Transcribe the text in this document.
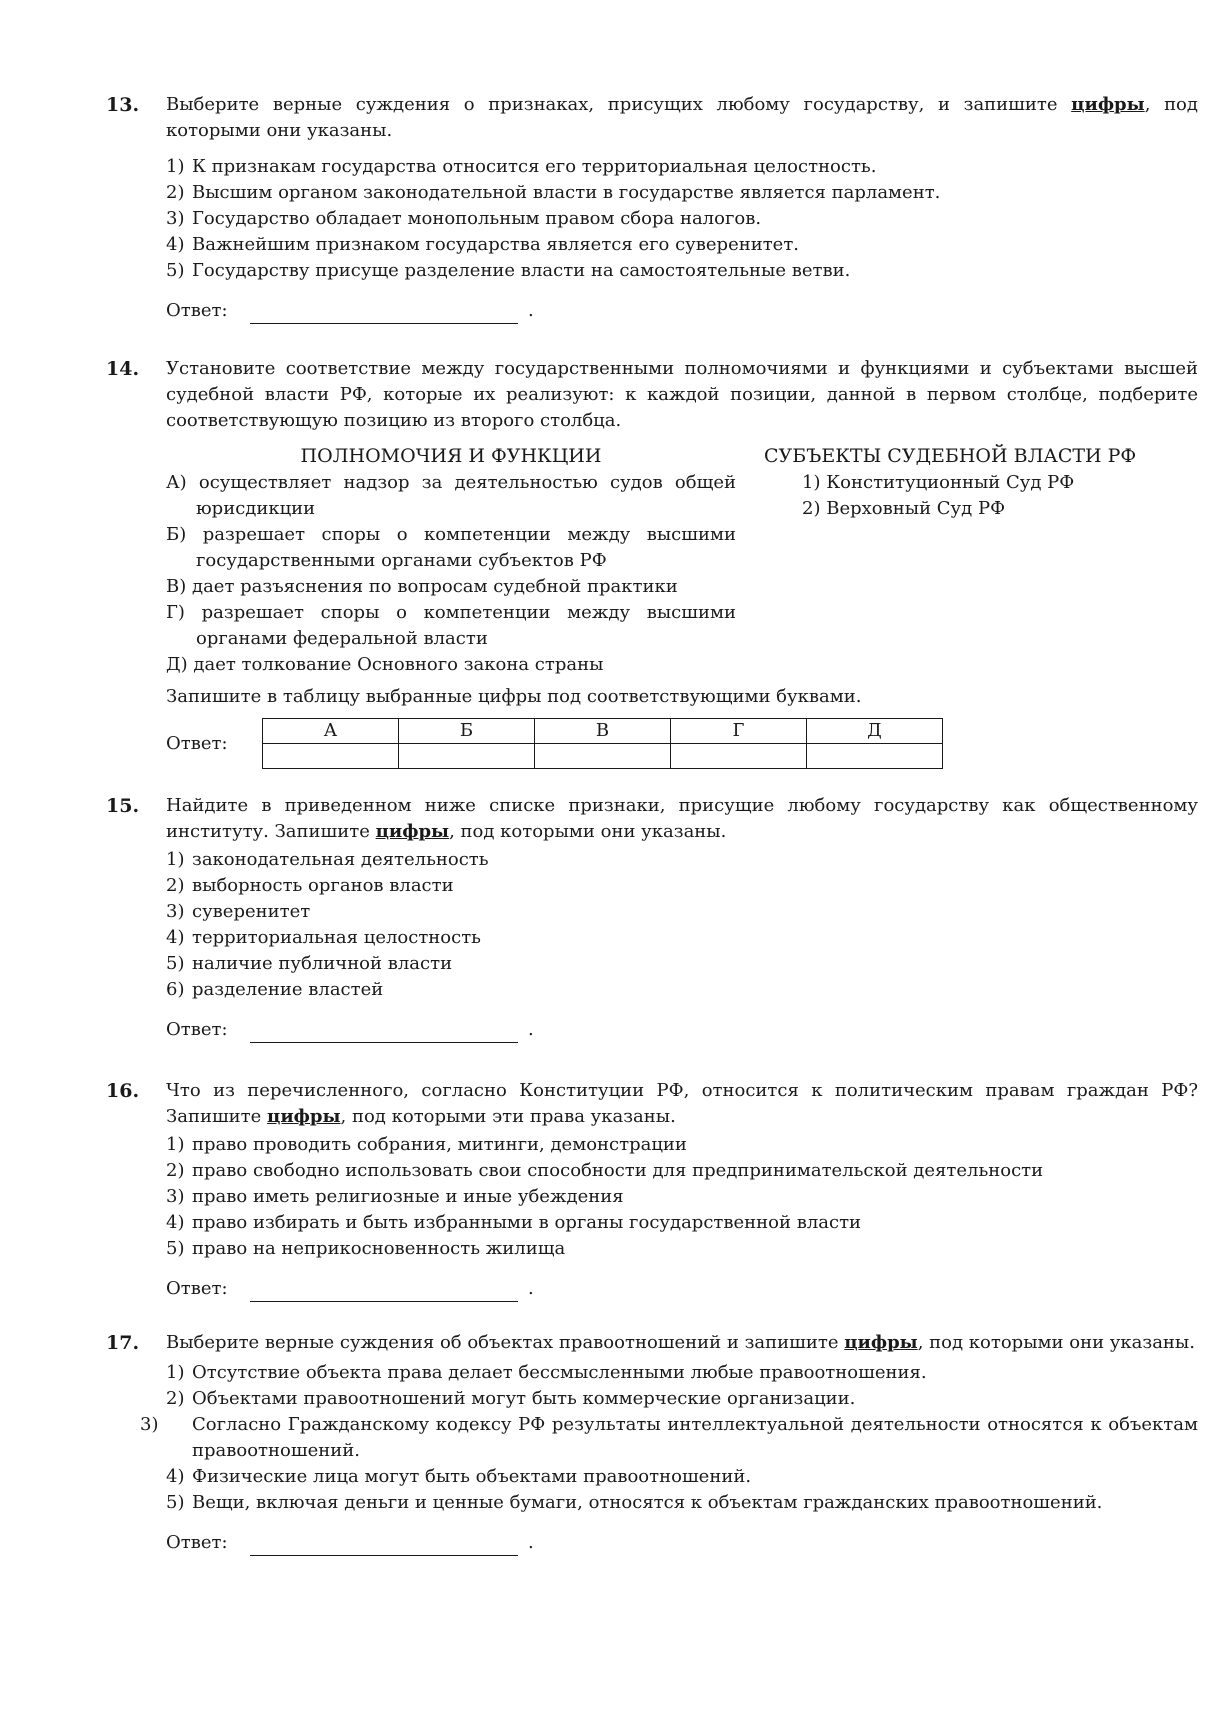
13. Выберите верные суждения о признаках, присущих любому государству, и запишите цифры, под которыми они указаны.
1) К признакам государства относится его территориальная целостность.
2) Высшим органом законодательной власти в государстве является парламент.
3) Государство обладает монопольным правом сбора налогов.
4) Важнейшим признаком государства является его суверенитет.
5) Государству присуще разделение власти на самостоятельные ветви.
Ответ:	.
14. Установите соответствие между государственными полномочиями и функциями и субъектами высшей судебной власти РФ, которые их реализуют: к каждой позиции, данной в первом столбце, подберите соответствующую позицию из второго столбца.
ПОЛНОМОЧИЯ И ФУНКЦИИ
А) осуществляет надзор за деятельностью судов общей юрисдикции
Б) разрешает споры о компетенции между высшими государственными органами субъектов РФ
В) дает разъяснения по вопросам судебной практики
Г) разрешает споры о компетенции между высшими органами федеральной власти
Д) дает толкование Основного закона страны
СУБЪЕКТЫ СУДЕБНОЙ ВЛАСТИ РФ
1) Конституционный Суд РФ
2) Верховный Суд РФ
Запишите в таблицу выбранные цифры под соответствующими буквами.
Ответ:
А	Б	В	Г	Д

15. Найдите в приведенном ниже списке признаки, присущие любому государству как общественному институту. Запишите цифры, под которыми они указаны.
1) законодательная деятельность
2) выборность органов власти
3) суверенитет
4) территориальная целостность
5) наличие публичной власти
6) разделение властей
Ответ:	.
16. Что из перечисленного, согласно Конституции РФ, относится к политическим правам граждан РФ? Запишите цифры, под которыми эти права указаны.
1) право проводить собрания, митинги, демонстрации
2) право свободно использовать свои способности для предпринимательской деятельности
3) право иметь религиозные и иные убеждения
4) право избирать и быть избранными в органы государственной власти
5) право на неприкосновенность жилища
Ответ:	.
17. Выберите верные суждения об объектах правоотношений и запишите цифры, под которыми они указаны.
1) Отсутствие объекта права делает бессмысленными любые правоотношения.
2) Объектами правоотношений могут быть коммерческие организации.
3) Согласно Гражданскому кодексу РФ результаты интеллектуальной деятельности относятся к объектам правоотношений.
4) Физические лица могут быть объектами правоотношений.
5) Вещи, включая деньги и ценные бумаги, относятся к объектам гражданских правоотношений.
Ответ:	.
